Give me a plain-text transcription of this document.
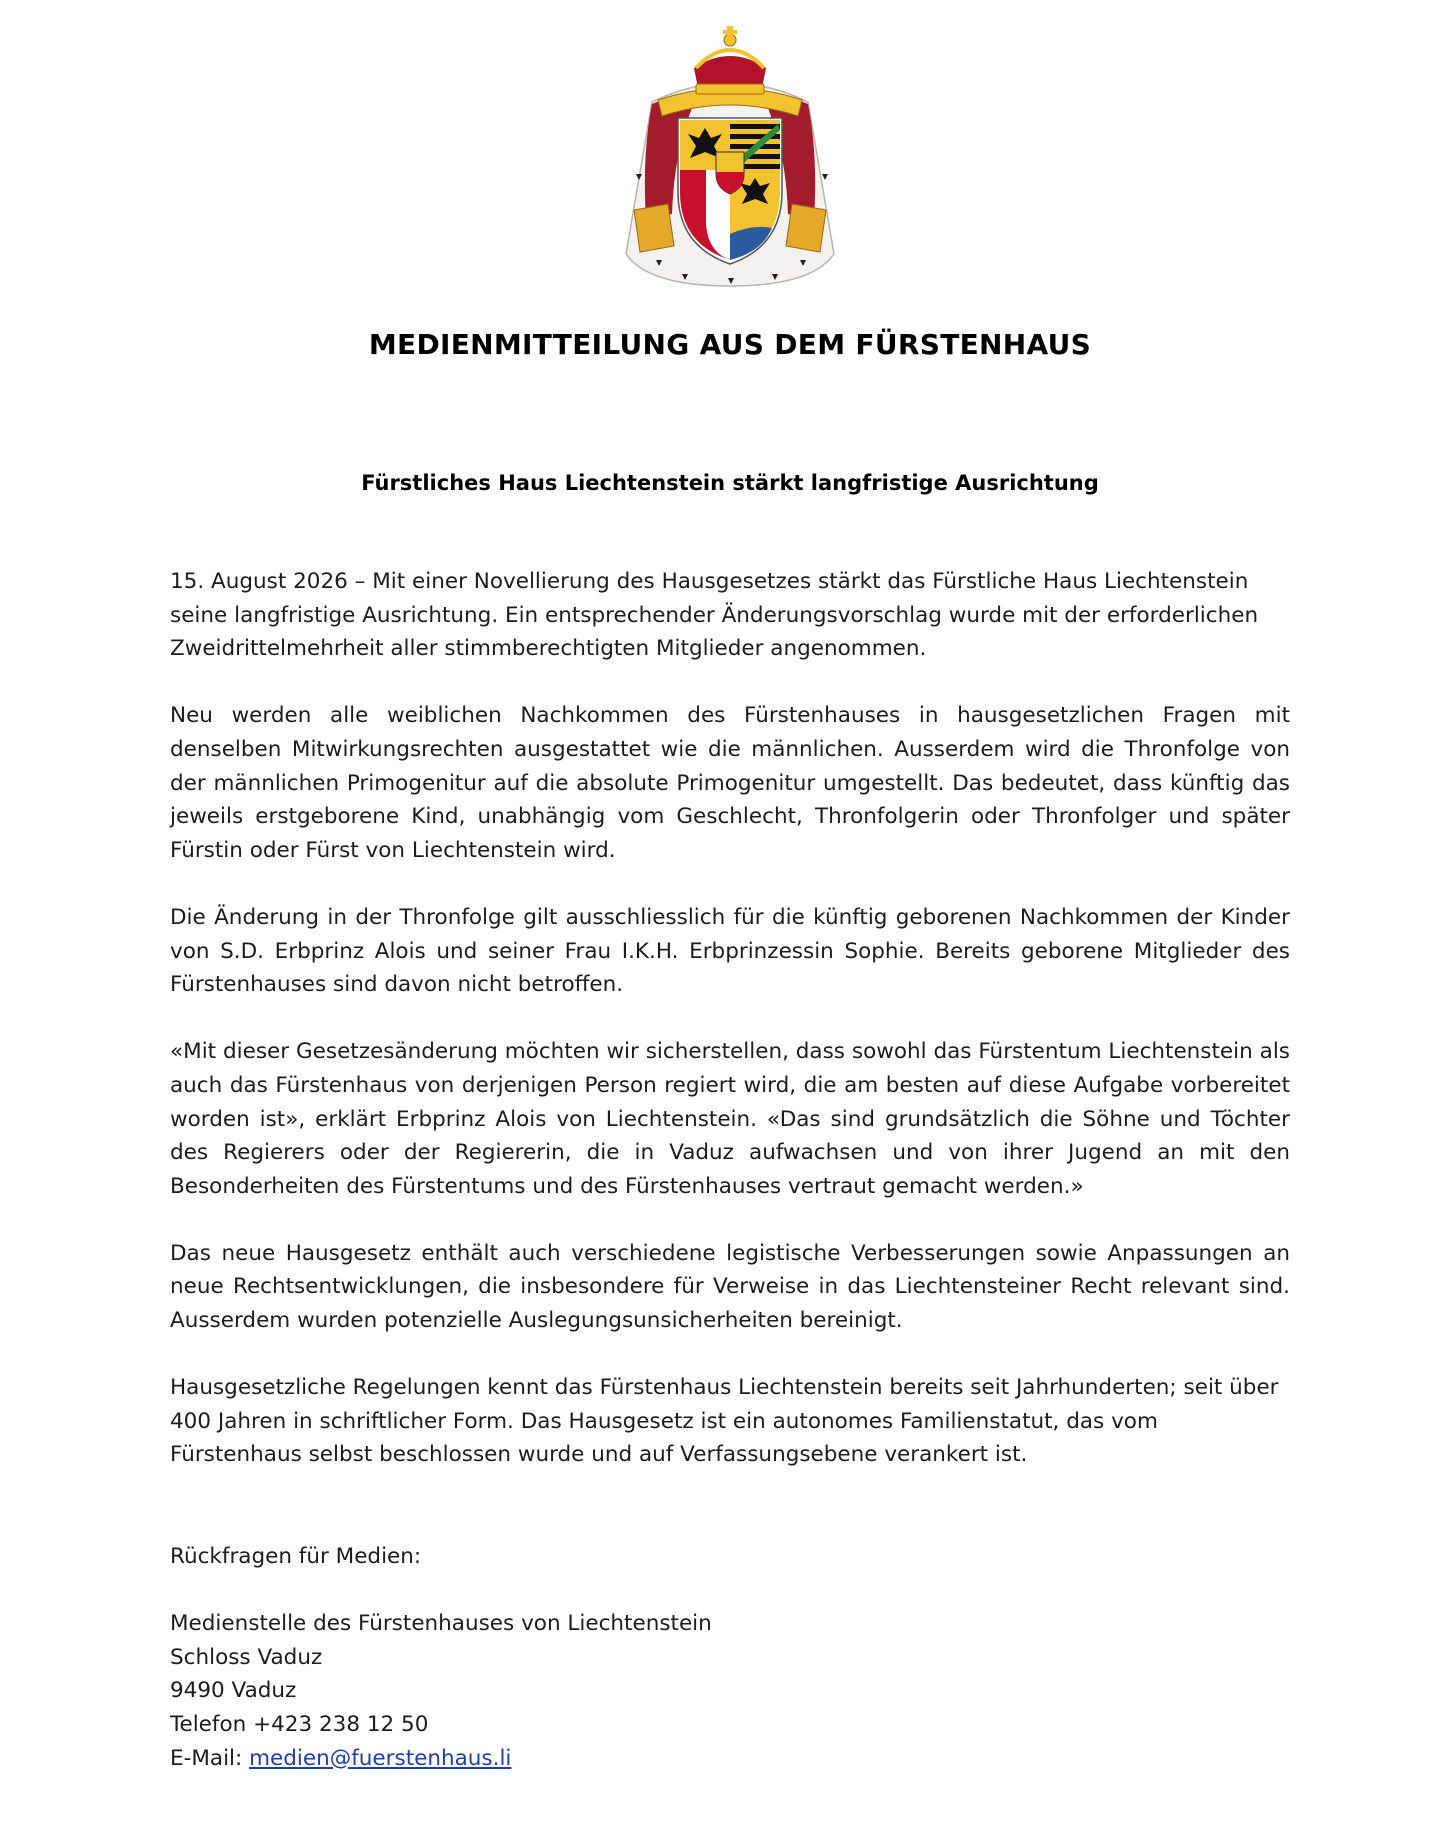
MEDIENMITTEILUNG AUS DEM FÜRSTENHAUS
Fürstliches Haus Liechtenstein stärkt langfristige Ausrichtung

15. August 2026 – Mit einer Novellierung des Hausgesetzes stärkt das Fürstliche Haus Liechtenstein seine langfristige Ausrichtung. Ein entsprechender Änderungsvorschlag wurde mit der erforderlichen Zweidrittelmehrheit aller stimmberechtigten Mitglieder angenommen.

Neu werden alle weiblichen Nachkommen des Fürstenhauses in hausgesetzlichen Fragen mit denselben Mitwirkungsrechten ausgestattet wie die männlichen. Ausserdem wird die Thronfolge von der männlichen Primogenitur auf die absolute Primogenitur umgestellt. Das bedeutet, dass künftig das jeweils erstgeborene Kind, unabhängig vom Geschlecht, Thronfolgerin oder Thronfolger und später Fürstin oder Fürst von Liechtenstein wird.

Die Änderung in der Thronfolge gilt ausschliesslich für die künftig geborenen Nachkommen der Kinder von S.D. Erbprinz Alois und seiner Frau I.K.H. Erbprinzessin Sophie. Bereits geborene Mitglieder des Fürstenhauses sind davon nicht betroffen.

«Mit dieser Gesetzesänderung möchten wir sicherstellen, dass sowohl das Fürstentum Liechtenstein als auch das Fürstenhaus von derjenigen Person regiert wird, die am besten auf diese Aufgabe vorbereitet worden ist», erklärt Erbprinz Alois von Liechtenstein. «Das sind grundsätzlich die Söhne und Töchter des Regierers oder der Regiererin, die in Vaduz aufwachsen und von ihrer Jugend an mit den Besonderheiten des Fürstentums und des Fürstenhauses vertraut gemacht werden.»

Das neue Hausgesetz enthält auch verschiedene legistische Verbesserungen sowie Anpassungen an neue Rechtsentwicklungen, die insbesondere für Verweise in das Liechtensteiner Recht relevant sind. Ausserdem wurden potenzielle Auslegungsunsicherheiten bereinigt.

Hausgesetzliche Regelungen kennt das Fürstenhaus Liechtenstein bereits seit Jahrhunderten; seit über 400 Jahren in schriftlicher Form. Das Hausgesetz ist ein autonomes Familienstatut, das vom Fürstenhaus selbst beschlossen wurde und auf Verfassungsebene verankert ist.

Rückfragen für Medien:
Medienstelle des Fürstenhauses von Liechtenstein
Schloss Vaduz
9490 Vaduz
Telefon +423 238 12 50
E-Mail: medien@fuerstenhaus.li
